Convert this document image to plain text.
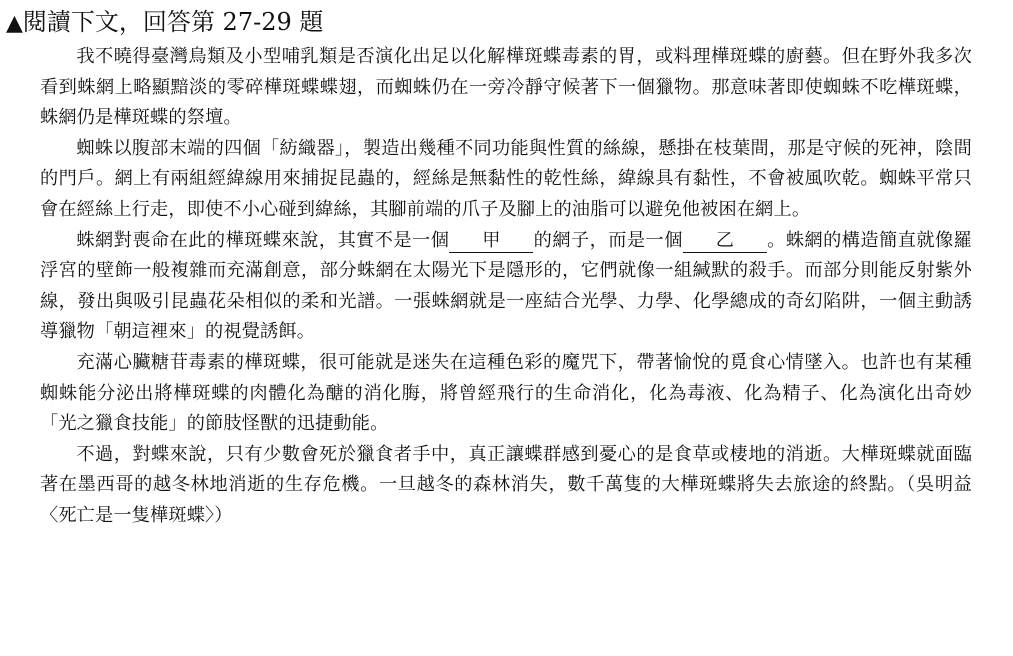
▲閱讀下文，回答第 27-29 題

我不曉得臺灣鳥類及小型哺乳類是否演化出足以化解樺斑蝶毒素的胃，或料理樺斑蝶的廚藝。但在野外我多次看到蛛網上略顯黯淡的零碎樺斑蝶蝶翅，而蜘蛛仍在一旁冷靜守候著下一個獵物。那意味著即使蜘蛛不吃樺斑蝶，蛛網仍是樺斑蝶的祭壇。

蜘蛛以腹部末端的四個「紡織器」，製造出幾種不同功能與性質的絲線，懸掛在枝葉間，那是守候的死神，陰間的門戶。網上有兩組經緯線用來捕捉昆蟲的，經絲是無黏性的乾性絲，緯線具有黏性，不會被風吹乾。蜘蛛平常只會在經絲上行走，即使不小心碰到緯絲，其腳前端的爪子及腳上的油脂可以避免他被困在網上。

蛛網對喪命在此的樺斑蝶來說，其實不是一個 甲 的網子，而是一個 乙 。蛛網的構造簡直就像羅浮宮的壁飾一般複雜而充滿創意，部分蛛網在太陽光下是隱形的，它們就像一組緘默的殺手。而部分則能反射紫外線，發出與吸引昆蟲花朵相似的柔和光譜。一張蛛網就是一座結合光學、力學、化學總成的奇幻陷阱，一個主動誘導獵物「朝這裡來」的視覺誘餌。

充滿心臟糖苷毒素的樺斑蝶，很可能就是迷失在這種色彩的魔咒下，帶著愉悅的覓食心情墜入。也許也有某種蜘蛛能分泌出將樺斑蝶的肉體化為醣的消化脢，將曾經飛行的生命消化，化為毒液、化為精子、化為演化出奇妙「光之獵食技能」的節肢怪獸的迅捷動能。

不過，對蝶來說，只有少數會死於獵食者手中，真正讓蝶群感到憂心的是食草或棲地的消逝。大樺斑蝶就面臨著在墨西哥的越冬林地消逝的生存危機。一旦越冬的森林消失，數千萬隻的大樺斑蝶將失去旅途的終點。（吳明益〈死亡是一隻樺斑蝶〉）
